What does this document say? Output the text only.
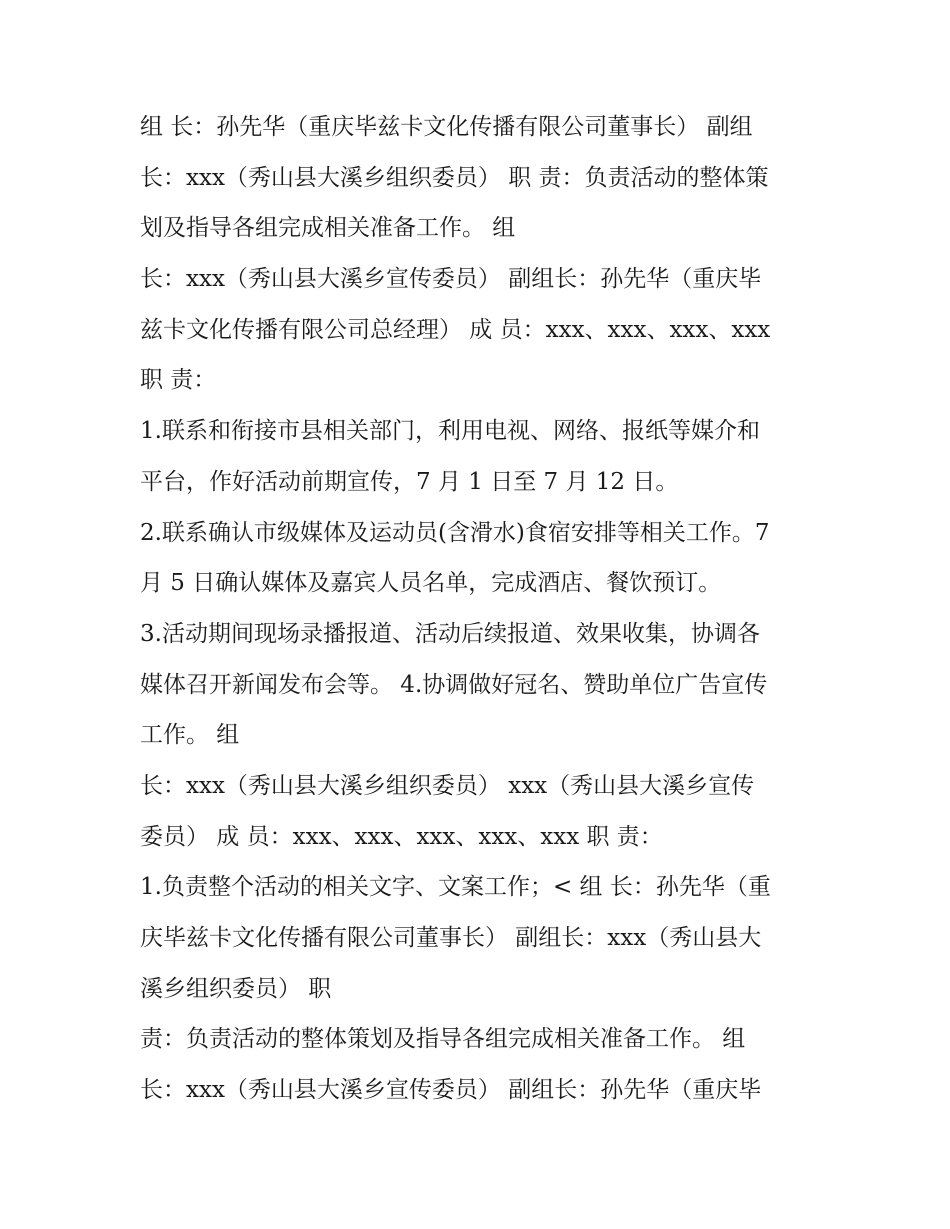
组 长：孙先华（重庆毕兹卡文化传播有限公司董事长） 副组
长：xxx（秀山县大溪乡组织委员） 职 责：负责活动的整体策
划及指导各组完成相关准备工作。 组
长：xxx（秀山县大溪乡宣传委员） 副组长：孙先华（重庆毕
兹卡文化传播有限公司总经理） 成 员：xxx、xxx、xxx、xxx
职 责：
1.联系和衔接市县相关部门，利用电视、网络、报纸等媒介和
平台，作好活动前期宣传，7 月 1 日至 7 月 12 日。
2.联系确认市级媒体及运动员(含滑水)食宿安排等相关工作。7
月 5 日确认媒体及嘉宾人员名单，完成酒店、餐饮预订。
3.活动期间现场录播报道、活动后续报道、效果收集，协调各
媒体召开新闻发布会等。 4.协调做好冠名、赞助单位广告宣传
工作。 组
长：xxx（秀山县大溪乡组织委员） xxx（秀山县大溪乡宣传
委员） 成 员：xxx、xxx、xxx、xxx、xxx 职 责：
1.负责整个活动的相关文字、文案工作；< 组 长：孙先华（重
庆毕兹卡文化传播有限公司董事长） 副组长：xxx（秀山县大
溪乡组织委员） 职
责：负责活动的整体策划及指导各组完成相关准备工作。 组
长：xxx（秀山县大溪乡宣传委员） 副组长：孙先华（重庆毕
